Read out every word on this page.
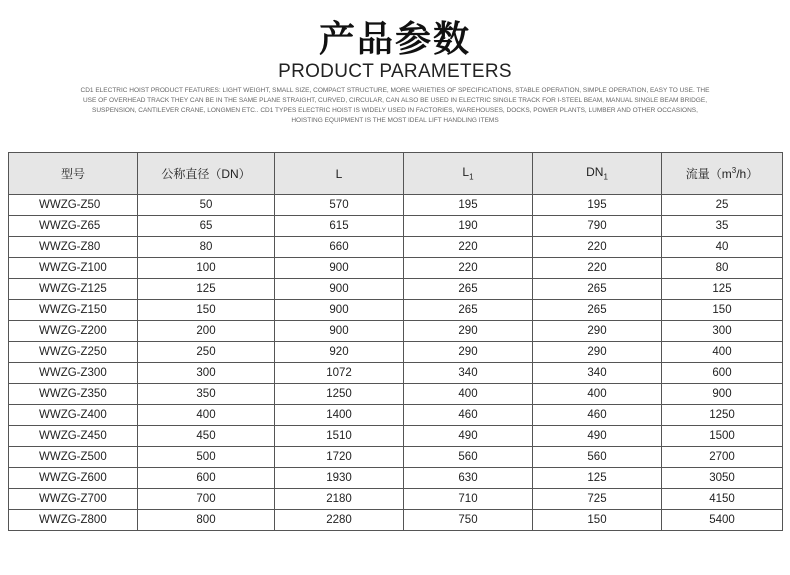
产品参数
PRODUCT PARAMETERS
CD1 ELECTRIC HOIST PRODUCT FEATURES: LIGHT WEIGHT, SMALL SIZE, COMPACT STRUCTURE, MORE VARIETIES OF SPECIFICATIONS, STABLE OPERATION, SIMPLE OPERATION, EASY TO USE. THE USE OF OVERHEAD TRACK THEY CAN BE IN THE SAME PLANE STRAIGHT, CURVED, CIRCULAR, CAN ALSO BE USED IN ELECTRIC SINGLE TRACK FOR I-STEEL BEAM, MANUAL SINGLE BEAM BRIDGE, SUSPENSION, CANTILEVER CRANE, LONGMEN ETC.. CD1 TYPES ELECTRIC HOIST IS WIDELY USED IN FACTORIES, WAREHOUSES, DOCKS, POWER PLANTS, LUMBER AND OTHER OCCASIONS, HOISTING EQUIPMENT IS THE MOST IDEAL LIFT HANDLING ITEMS
型号	公称直径（DN）	L	$L_1$	$DN_1$	流量$(m^3/h)$
WWZG-Z50	50	570	195	195	25
WWZG-Z65	65	615	190	790	35
WWZG-Z80	80	660	220	220	40
WWZG-Z100	100	900	220	220	80
WWZG-Z125	125	900	265	265	125
WWZG-Z150	150	900	265	265	150
WWZG-Z200	200	900	290	290	300
WWZG-Z250	250	920	290	290	400
WWZG-Z300	300	1072	340	340	600
WWZG-Z350	350	1250	400	400	900
WWZG-Z400	400	1400	460	460	1250
WWZG-Z450	450	1510	490	490	1500
WWZG-Z500	500	1720	560	560	2700
WWZG-Z600	600	1930	630	125	3050
WWZG-Z700	700	2180	710	725	4150
WWZG-Z800	800	2280	750	150	5400
